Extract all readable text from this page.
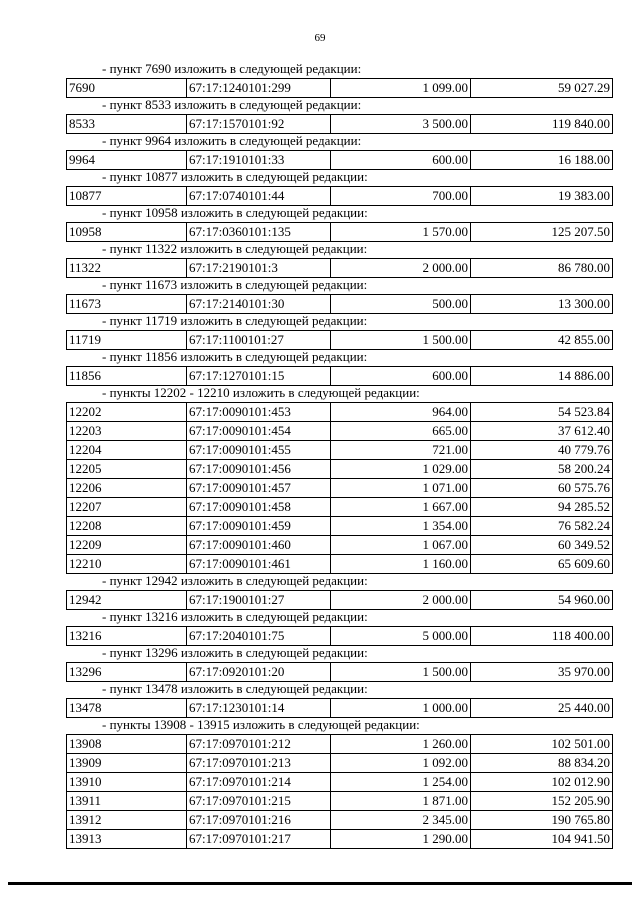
69
- пункт 7690 изложить в следующей редакции:
7690	67:17:1240101:299	1 099.00	59 027.29
- пункт 8533 изложить в следующей редакции:
8533	67:17:1570101:92	3 500.00	119 840.00
- пункт 9964 изложить в следующей редакции:
9964	67:17:1910101:33	600.00	16 188.00
- пункт 10877 изложить в следующей редакции:
10877	67:17:0740101:44	700.00	19 383.00
- пункт 10958 изложить в следующей редакции:
10958	67:17:0360101:135	1 570.00	125 207.50
- пункт 11322 изложить в следующей редакции:
11322	67:17:2190101:3	2 000.00	86 780.00
- пункт 11673 изложить в следующей редакции:
11673	67:17:2140101:30	500.00	13 300.00
- пункт 11719 изложить в следующей редакции:
11719	67:17:1100101:27	1 500.00	42 855.00
- пункт 11856 изложить в следующей редакции:
11856	67:17:1270101:15	600.00	14 886.00
- пункты 12202 - 12210 изложить в следующей редакции:
12202	67:17:0090101:453	964.00	54 523.84
12203	67:17:0090101:454	665.00	37 612.40
12204	67:17:0090101:455	721.00	40 779.76
12205	67:17:0090101:456	1 029.00	58 200.24
12206	67:17:0090101:457	1 071.00	60 575.76
12207	67:17:0090101:458	1 667.00	94 285.52
12208	67:17:0090101:459	1 354.00	76 582.24
12209	67:17:0090101:460	1 067.00	60 349.52
12210	67:17:0090101:461	1 160.00	65 609.60
- пункт 12942 изложить в следующей редакции:
12942	67:17:1900101:27	2 000.00	54 960.00
- пункт 13216 изложить в следующей редакции:
13216	67:17:2040101:75	5 000.00	118 400.00
- пункт 13296 изложить в следующей редакции:
13296	67:17:0920101:20	1 500.00	35 970.00
- пункт 13478 изложить в следующей редакции:
13478	67:17:1230101:14	1 000.00	25 440.00
- пункты 13908 - 13915 изложить в следующей редакции:
13908	67:17:0970101:212	1 260.00	102 501.00
13909	67:17:0970101:213	1 092.00	88 834.20
13910	67:17:0970101:214	1 254.00	102 012.90
13911	67:17:0970101:215	1 871.00	152 205.90
13912	67:17:0970101:216	2 345.00	190 765.80
13913	67:17:0970101:217	1 290.00	104 941.50
